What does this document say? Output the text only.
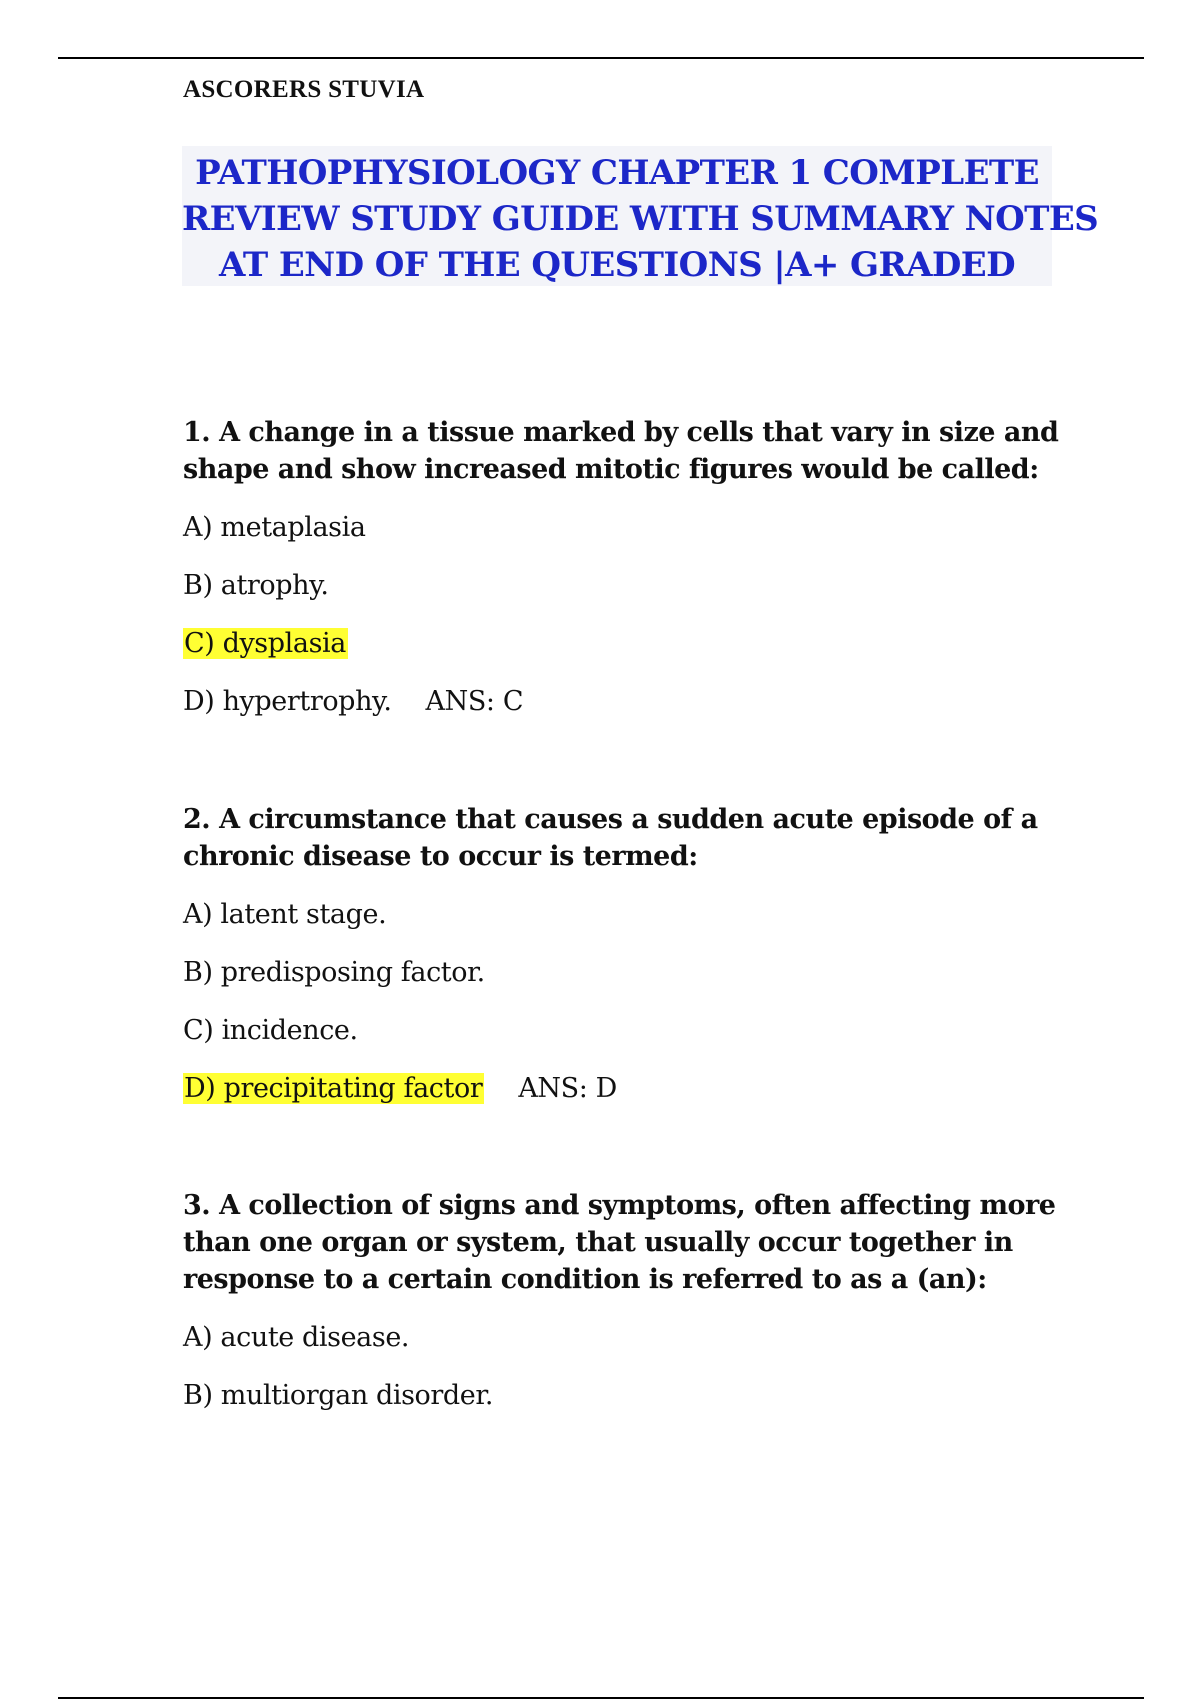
ASCORERS STUVIA
PATHOPHYSIOLOGY CHAPTER 1 COMPLETE
REVIEW STUDY GUIDE WITH SUMMARY NOTES
AT END OF THE QUESTIONS |A+ GRADED

1. A change in a tissue marked by cells that vary in size and shape and show increased mitotic figures would be called:

A) metaplasia
B) atrophy.
C) dysplasia
D) hypertrophy. ANS: C

2. A circumstance that causes a sudden acute episode of a chronic disease to occur is termed:

A) latent stage.
B) predisposing factor.
C) incidence.
D) precipitating factor ANS: D

3. A collection of signs and symptoms, often affecting more than one organ or system, that usually occur together in response to a certain condition is referred to as a (an):

A) acute disease.
B) multiorgan disorder.
